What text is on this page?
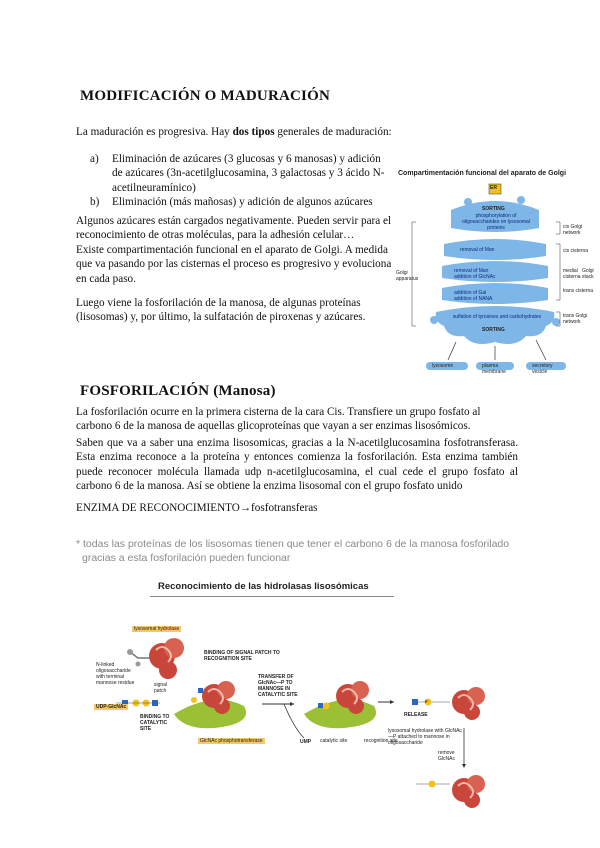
MODIFICACIÓN O MADURACIÓN
La maduración es progresiva. Hay dos tipos generales de maduración:
a)	Eliminación de azúcares (3 glucosas y 6 manosas) y adición de azúcares (3n-acetilglucosamina, 3 galactosas y 3 ácido N-acetilneuramínico)
b)	Eliminación (más mañosas) y adición de algunos azúcares
Algunos azúcares están cargados negativamente. Pueden servir para el reconocimiento de otras moléculas, para la adhesión celular…
Existe compartimentación funcional en el aparato de Golgi. A medida que va pasando por las cisternas el proceso es progresivo y evoluciona en cada paso.
Luego viene la fosforilación de la manosa, de algunas proteínas (lisosomas) y, por último, la sulfatación de piroxenas y azúcares.
Compartimentación funcional del aparato de Golgi
ER
SORTING
phosphorylation of oligosaccharides on lysosomal proteins
removal of Man
removal of Man
addition of GlcNAc
addition of Gal
addition of NANA
sulfation of tyrosines and carbohydrates
SORTING
cis Golgi network
cis cisterna
medial cisterna
Golgi stack
trans cisterna
trans Golgi network
Golgi apparatus
lysosome	plasma membrane
secretory vesicle
FOSFORILACIÓN (Manosa)
La fosforilación ocurre en la primera cisterna de la cara Cis. Transfiere un grupo fosfato al carbono 6 de la manosa de aquellas glicoproteínas que vayan a ser enzimas lisosómicos.
Saben que va a saber una enzima lisosomicas, gracias a la N-acetilglucosamina fosfotransferasa. Esta enzima reconoce a la proteína y entonces comienza la fosforilación. Esta enzima también puede reconocer molécula llamada udp n-acetilglucosamina, el cual cede el grupo fosfato al carbono 6 de la manosa. Así se obtiene la enzima lisosomal con el grupo fosfato unido
ENZIMA DE RECONOCIMIENTO→fosfotransferas
* todas las proteínas de los lisosomas tienen que tener el carbono 6 de la manosa fosforilado
gracias a esta fosforilación pueden funcionar
Reconocimiento de las hidrolasas lisosómicas
lysosomal hydrolase
N-linked oligosaccharide with terminal mannose residue	signal patch
BINDING OF SIGNAL PATCH TO RECOGNITION SITE
UDP-GlcNAc
BINDING TO CATALYTIC SITE
TRANSFER OF GlcNAc—P TO MANNOSE IN CATALYTIC SITE
UMP
GlcNAc phosphotransferase	catalytic site	recognition site
RELEASE
lysosomal hydrolase with GlcNAc—P attached to mannose in oligosaccharide
remove GlcNAc
P
